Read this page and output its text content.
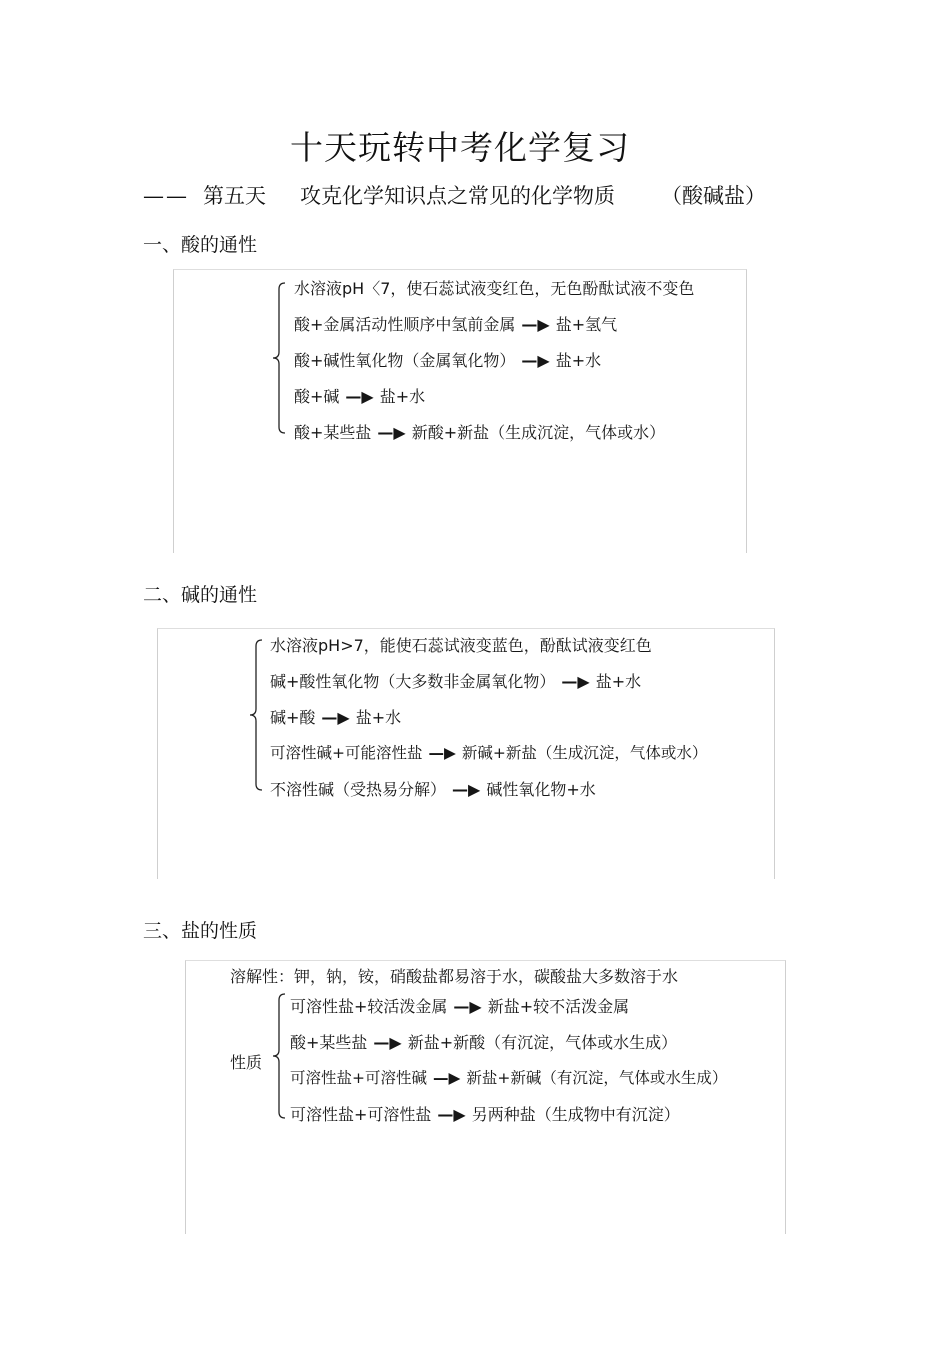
十天玩转中考化学复习
—— 第五天 攻克化学知识点之常见的化学物质 （酸碱盐）
一、酸的通性
水溶液pH〈7，使石蕊试液变红色，无色酚酞试液不变色
酸+金属活动性顺序中氢前金属 —▶ 盐+氢气
酸+碱性氧化物（金属氧化物） —▶ 盐+水
酸+碱 —▶ 盐+水
酸+某些盐 —▶ 新酸+新盐（生成沉淀，气体或水）
二、碱的通性
水溶液pH>7，能使石蕊试液变蓝色，酚酞试液变红色
碱+酸性氧化物（大多数非金属氧化物） —▶ 盐+水
碱+酸 —▶ 盐+水
可溶性碱+可能溶性盐 —▶ 新碱+新盐（生成沉淀，气体或水）
不溶性碱（受热易分解） —▶ 碱性氧化物+水
三、盐的性质
溶解性：钾，钠，铵，硝酸盐都易溶于水，碳酸盐大多数溶于水
性质
可溶性盐+较活泼金属 —▶ 新盐+较不活泼金属
酸+某些盐 —▶ 新盐+新酸（有沉淀，气体或水生成）
可溶性盐+可溶性碱 —▶ 新盐+新碱（有沉淀，气体或水生成）
可溶性盐+可溶性盐 —▶ 另两种盐（生成物中有沉淀）
